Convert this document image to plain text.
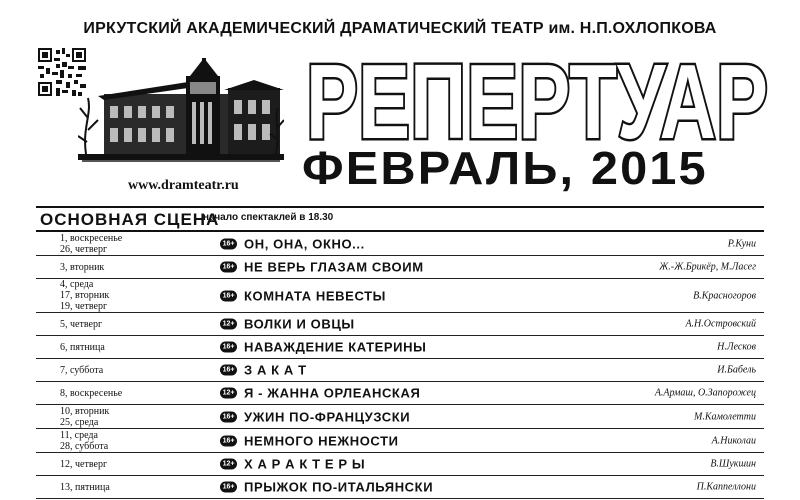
ИРКУТСКИЙ АКАДЕМИЧЕСКИЙ ДРАМАТИЧЕСКИЙ ТЕАТР им. Н.П.ОХЛОПКОВА
www.dramteatr.ru
РЕПЕРТУАР
ФЕВРАЛЬ, 2015
ОСНОВНАЯ СЦЕНА
начало спектаклей в 18.30
1, воскресенье
26, четверг	16+ ОН, ОНА, ОКНО...	Р.Куни
3, вторник	16+ НЕ ВЕРЬ ГЛАЗАМ СВОИМ	Ж.-Ж.Брикёр, М.Ласег
4, среда
17, вторник
19, четверг
16+ КОМНАТА НЕВЕСТЫ	В.Красногоров
5, четверг	12+ ВОЛКИ И ОВЦЫ	А.Н.Островский
6, пятница	16+ НАВАЖДЕНИЕ КАТЕРИНЫ	Н.Лесков
7, суббота	16+ З А К А Т	И.Бабель
8, воскресенье	12+ Я - ЖАННА ОРЛЕАНСКАЯ	А.Армаш, О.Запорожец
10, вторник
25, среда	16+ УЖИН ПО-ФРАНЦУЗСКИ	М.Камолетти
11, среда
28, суббота	16+ НЕМНОГО НЕЖНОСТИ	А.Николаи
12, четверг	12+ Х А Р А К Т Е Р Ы	В.Шукшин
13, пятница	16+ ПРЫЖОК ПО-ИТАЛЬЯНСКИ	П.Каппеллони
